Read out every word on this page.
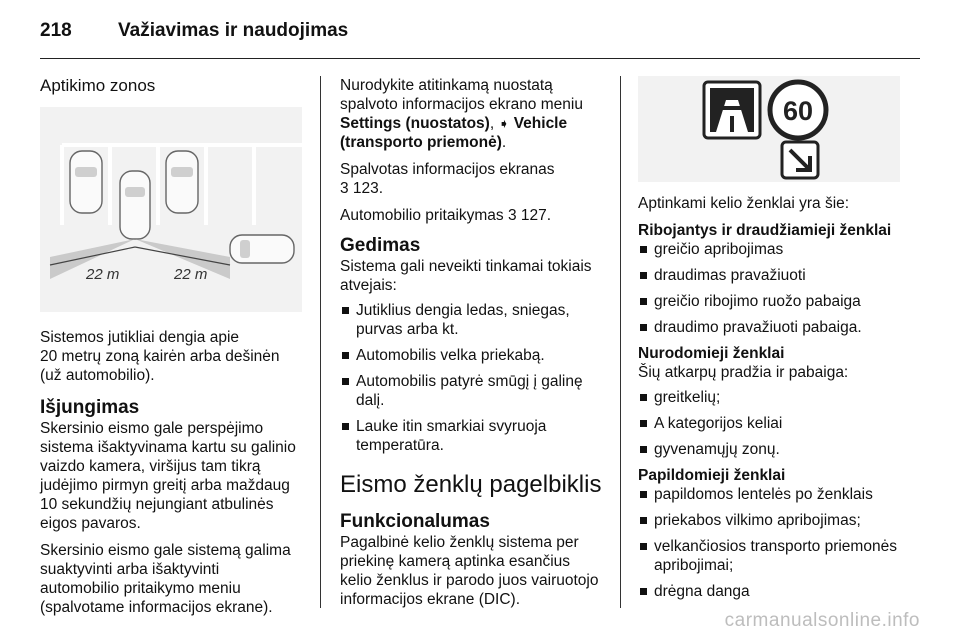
218	Važiavimas ir naudojimas
Aptikimo zonos
22 m	22 m
Sistemos jutikliai dengia apie
20 metrų zoną kairėn arba dešinėn
(už automobilio).
Išjungimas

Skersinio eismo gale perspėjimo sistema išaktyvinama kartu su galinio vaizdo kamera, viršijus tam tikrą judėjimo pirmyn greitį arba maždaug 10 sekundžių nejungiant atbulinės eigos pavaros.

Skersinio eismo gale sistemą galima suaktyvinti arba išaktyvinti automobilio pritaikymo meniu (spalvotame informacijos ekrane).

Nurodykite atitinkamą nuostatą spalvoto informacijos ekrano meniu Settings (nuostatos), ➧ Vehicle (transporto priemonė).

Spalvotas informacijos ekranas
3 123.

Automobilio pritaikymas 3 127.

Gedimas

Sistema gali neveikti tinkamai tokiais atvejais:

Jutiklius dengia ledas, sniegas, purvas arba kt.
Automobilis velka priekabą.
Automobilis patyrė smūgį į galinę dalį.
Lauke itin smarkiai svyruoja temperatūra.
Eismo ženklų pagelbiklis
Funkcionalumas

Pagalbinė kelio ženklų sistema per priekinę kamerą aptinka esančius kelio ženklus ir parodo juos vairuotojo informacijos ekrane (DIC).

60

Aptinkami kelio ženklai yra šie:

Ribojantys ir draudžiamieji ženklai
greičio apribojimas
draudimas pravažiuoti
greičio ribojimo ruožo pabaiga
draudimo pravažiuoti pabaiga.
Nurodomieji ženklai
Šių atkarpų pradžia ir pabaiga:
greitkelių;
A kategorijos keliai
gyvenamųjų zonų.
Papildomieji ženklai
papildomos lentelės po ženklais
priekabos vilkimo apribojimas;
velkančiosios transporto priemonės apribojimai;
drėgna danga
carmanualsonline.info
